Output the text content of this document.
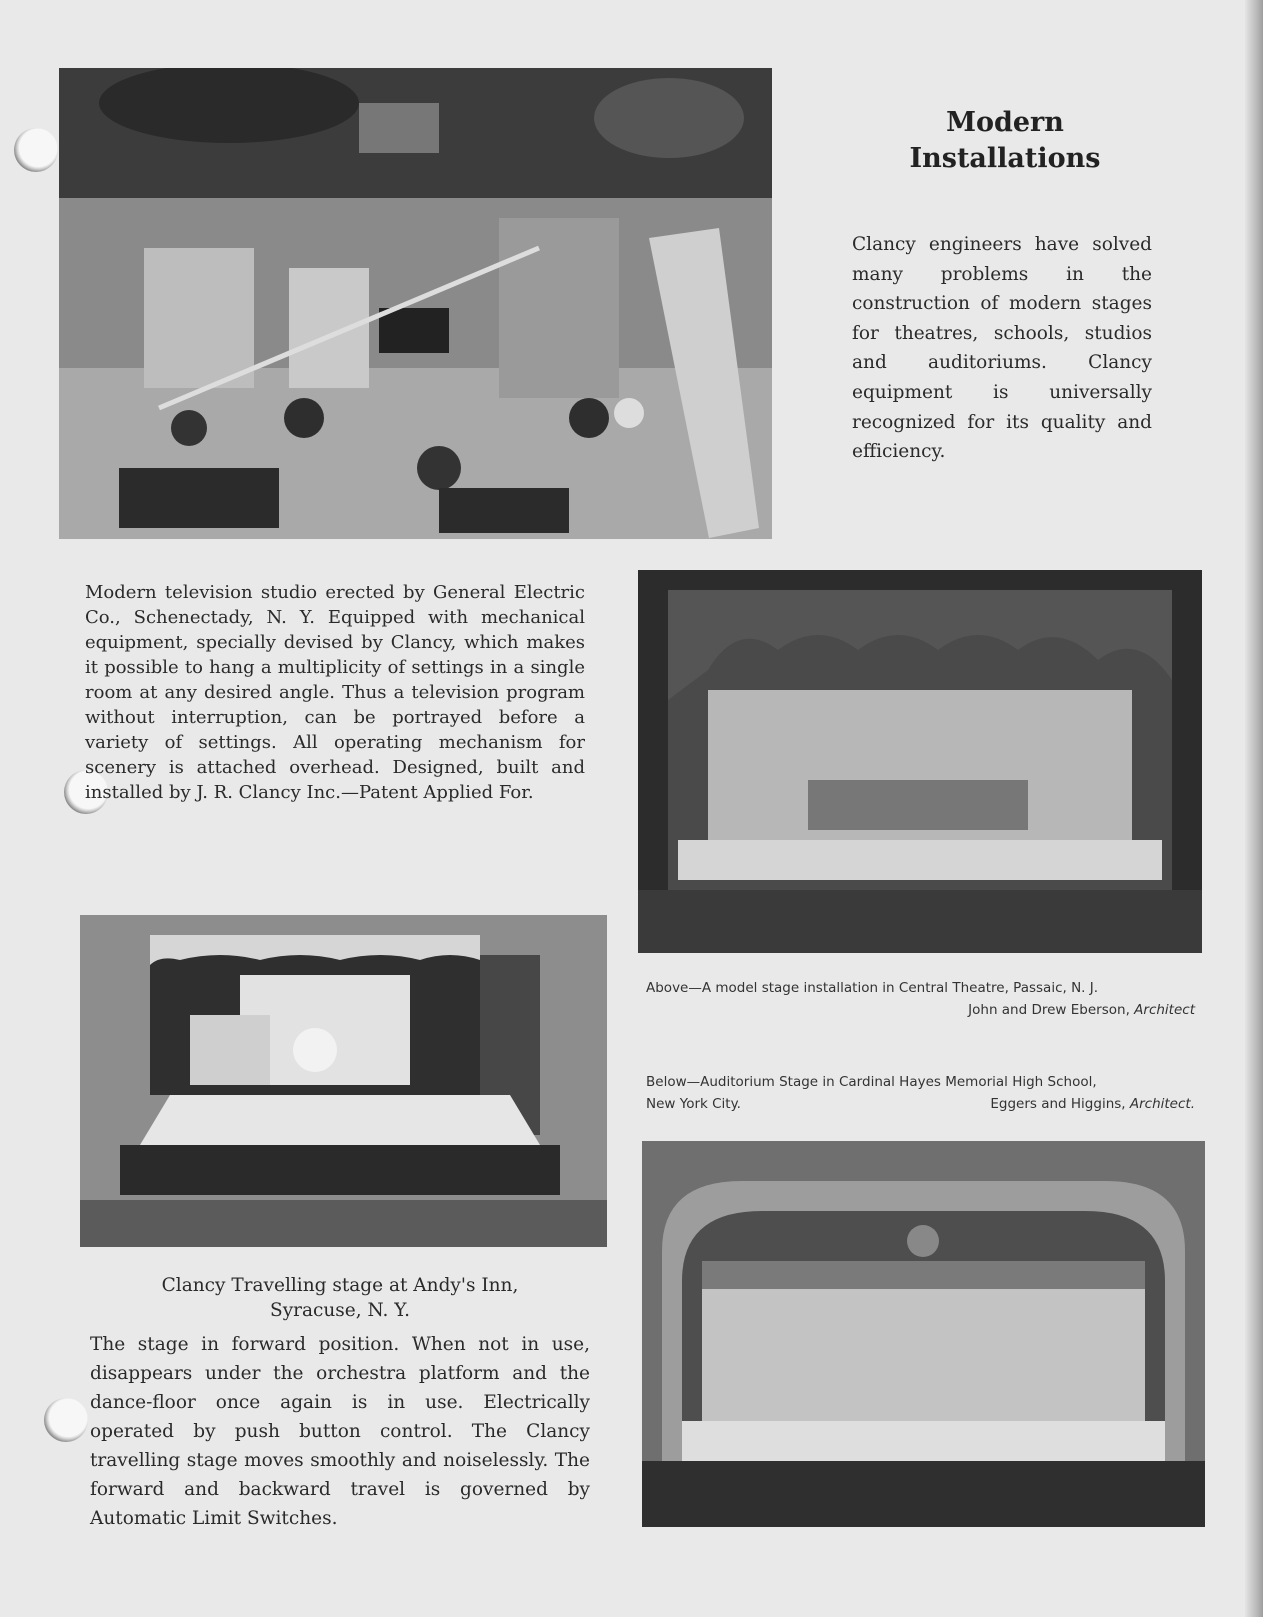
Modern
Installations

Clancy engineers have solved many problems in the construction of modern stages for theatres, schools, studios and auditoriums. Clancy equipment is universally recognized for its quality and efficiency.

Modern television studio erected by General Electric Co., Schenectady, N. Y. Equipped with mechanical equipment, specially devised by Clancy, which makes it possible to hang a multiplicity of settings in a single room at any desired angle. Thus a television program without interruption, can be portrayed before a variety of settings. All operating mechanism for scenery is attached overhead. Designed, built and installed by J. R. Clancy Inc.—Patent Applied For.

Above—A model stage installation in Central Theatre, Passaic, N. J.
John and Drew Eberson, Architect
Below—Auditorium Stage in Cardinal Hayes Memorial High School,
New York City.	Eggers and Higgins, Architect.
Clancy Travelling stage at Andy's Inn,
Syracuse, N. Y.

The stage in forward position. When not in use, disappears under the orchestra platform and the dance-floor once again is in use. Electrically operated by push button control. The Clancy travelling stage moves smoothly and noiselessly. The forward and backward travel is governed by Automatic Limit Switches.
